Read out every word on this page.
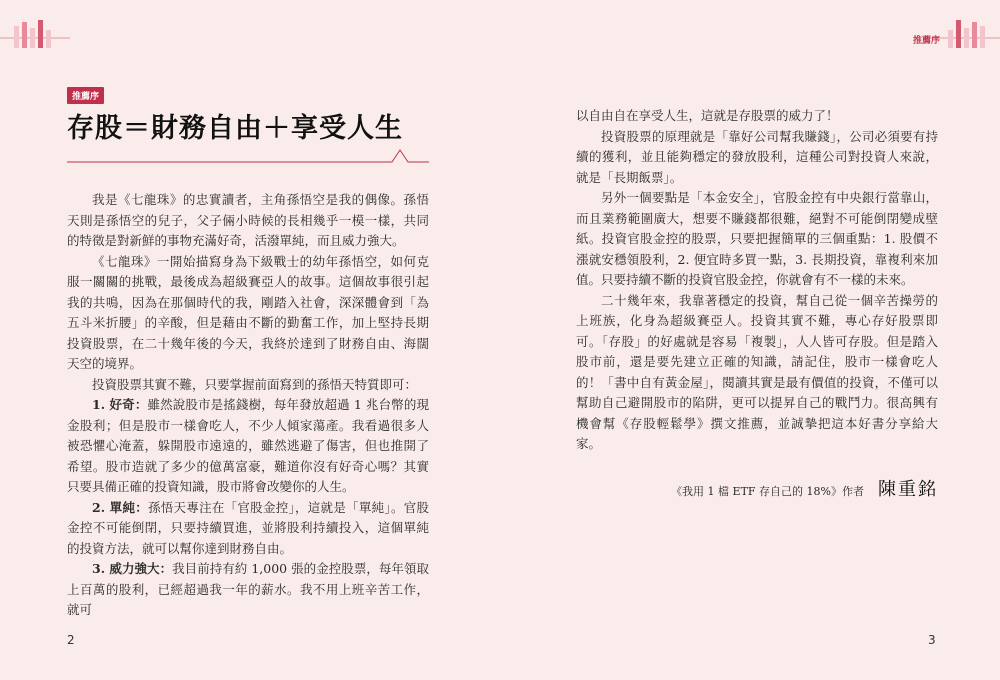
推薦序
推薦序
存股＝財務自由＋享受人生

我是《七龍珠》的忠實讀者，主角孫悟空是我的偶像。孫悟天則是孫悟空的兒子，父子倆小時候的長相幾乎一模一樣，共同的特徵是對新鮮的事物充滿好奇，活潑單純，而且威力強大。

《七龍珠》一開始描寫身為下級戰士的幼年孫悟空，如何克服一關關的挑戰，最後成為超級賽亞人的故事。這個故事很引起我的共鳴，因為在那個時代的我，剛踏入社會，深深體會到「為五斗米折腰」的辛酸，但是藉由不斷的勤奮工作，加上堅持長期投資股票，在二十幾年後的今天，我終於達到了財務自由、海闊天空的境界。

投資股票其實不難，只要掌握前面寫到的孫悟天特質即可：

1. 好奇：雖然說股市是搖錢樹，每年發放超過 1 兆台幣的現金股利；但是股市一樣會吃人，不少人傾家蕩產。我看過很多人被恐懼心淹蓋，躲開股市遠遠的，雖然逃避了傷害，但也推開了希望。股市造就了多少的億萬富豪，難道你沒有好奇心嗎？其實只要具備正確的投資知識，股市將會改變你的人生。

2. 單純：孫悟天專注在「官股金控」，這就是「單純」。官股金控不可能倒閉，只要持續買進，並將股利持續投入，這個單純的投資方法，就可以幫你達到財務自由。

3. 威力強大：我目前持有約 1,000 張的金控股票，每年領取上百萬的股利，已經超過我一年的薪水。我不用上班辛苦工作，就可

2

以自由自在享受人生，這就是存股票的威力了！

投資股票的原理就是「靠好公司幫我賺錢」，公司必須要有持續的獲利，並且能夠穩定的發放股利，這種公司對投資人來說，就是「長期飯票」。

另外一個要點是「本金安全」，官股金控有中央銀行當靠山，而且業務範圍廣大，想要不賺錢都很難，絕對不可能倒閉變成壁紙。投資官股金控的股票，只要把握簡單的三個重點：1. 股價不漲就安穩領股利，2. 便宜時多買一點，3. 長期投資，靠複利來加值。只要持續不斷的投資官股金控，你就會有不一樣的未來。

二十幾年來，我靠著穩定的投資，幫自己從一個辛苦操勞的上班族，化身為超級賽亞人。投資其實不難，專心存好股票即可。「存股」的好處就是容易「複製」，人人皆可存股。但是踏入股市前，還是要先建立正確的知識，請記住，股市一樣會吃人的！「書中自有黃金屋」，閱讀其實是最有價值的投資，不僅可以幫助自己避開股市的陷阱，更可以提昇自己的戰鬥力。很高興有機會幫《存股輕鬆學》撰文推薦，並誠摯把這本好書分享給大家。

《我用 1 檔 ETF 存自己的 18%》作者 陳重銘
3
